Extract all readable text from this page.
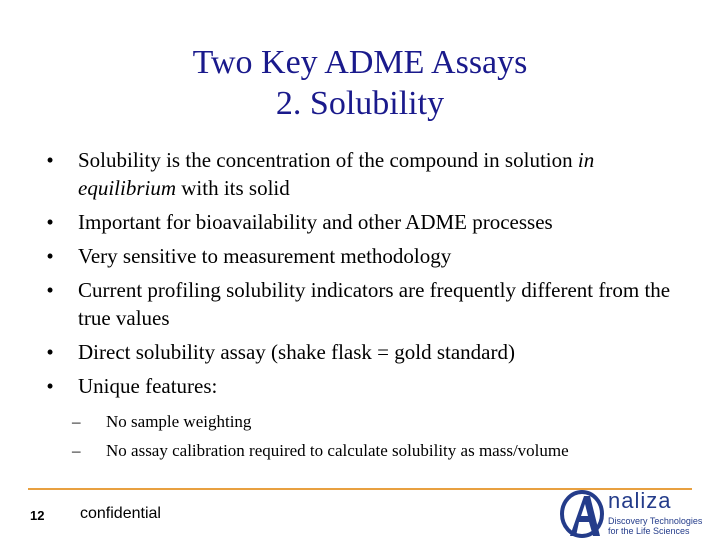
Two Key ADME Assays
2. Solubility
•	Solubility is the concentration of the compound in solution in equilibrium with its solid
•	Important for bioavailability and other ADME processes
•	Very sensitive to measurement methodology
•	Current profiling solubility indicators are frequently different from the true values
•	Direct solubility assay (shake flask = gold standard)
•	Unique features:
– No sample weighting
– No assay calibration required to calculate solubility as mass/volume
12 confidential
naliza
Discovery Technologies
for the Life Sciences
